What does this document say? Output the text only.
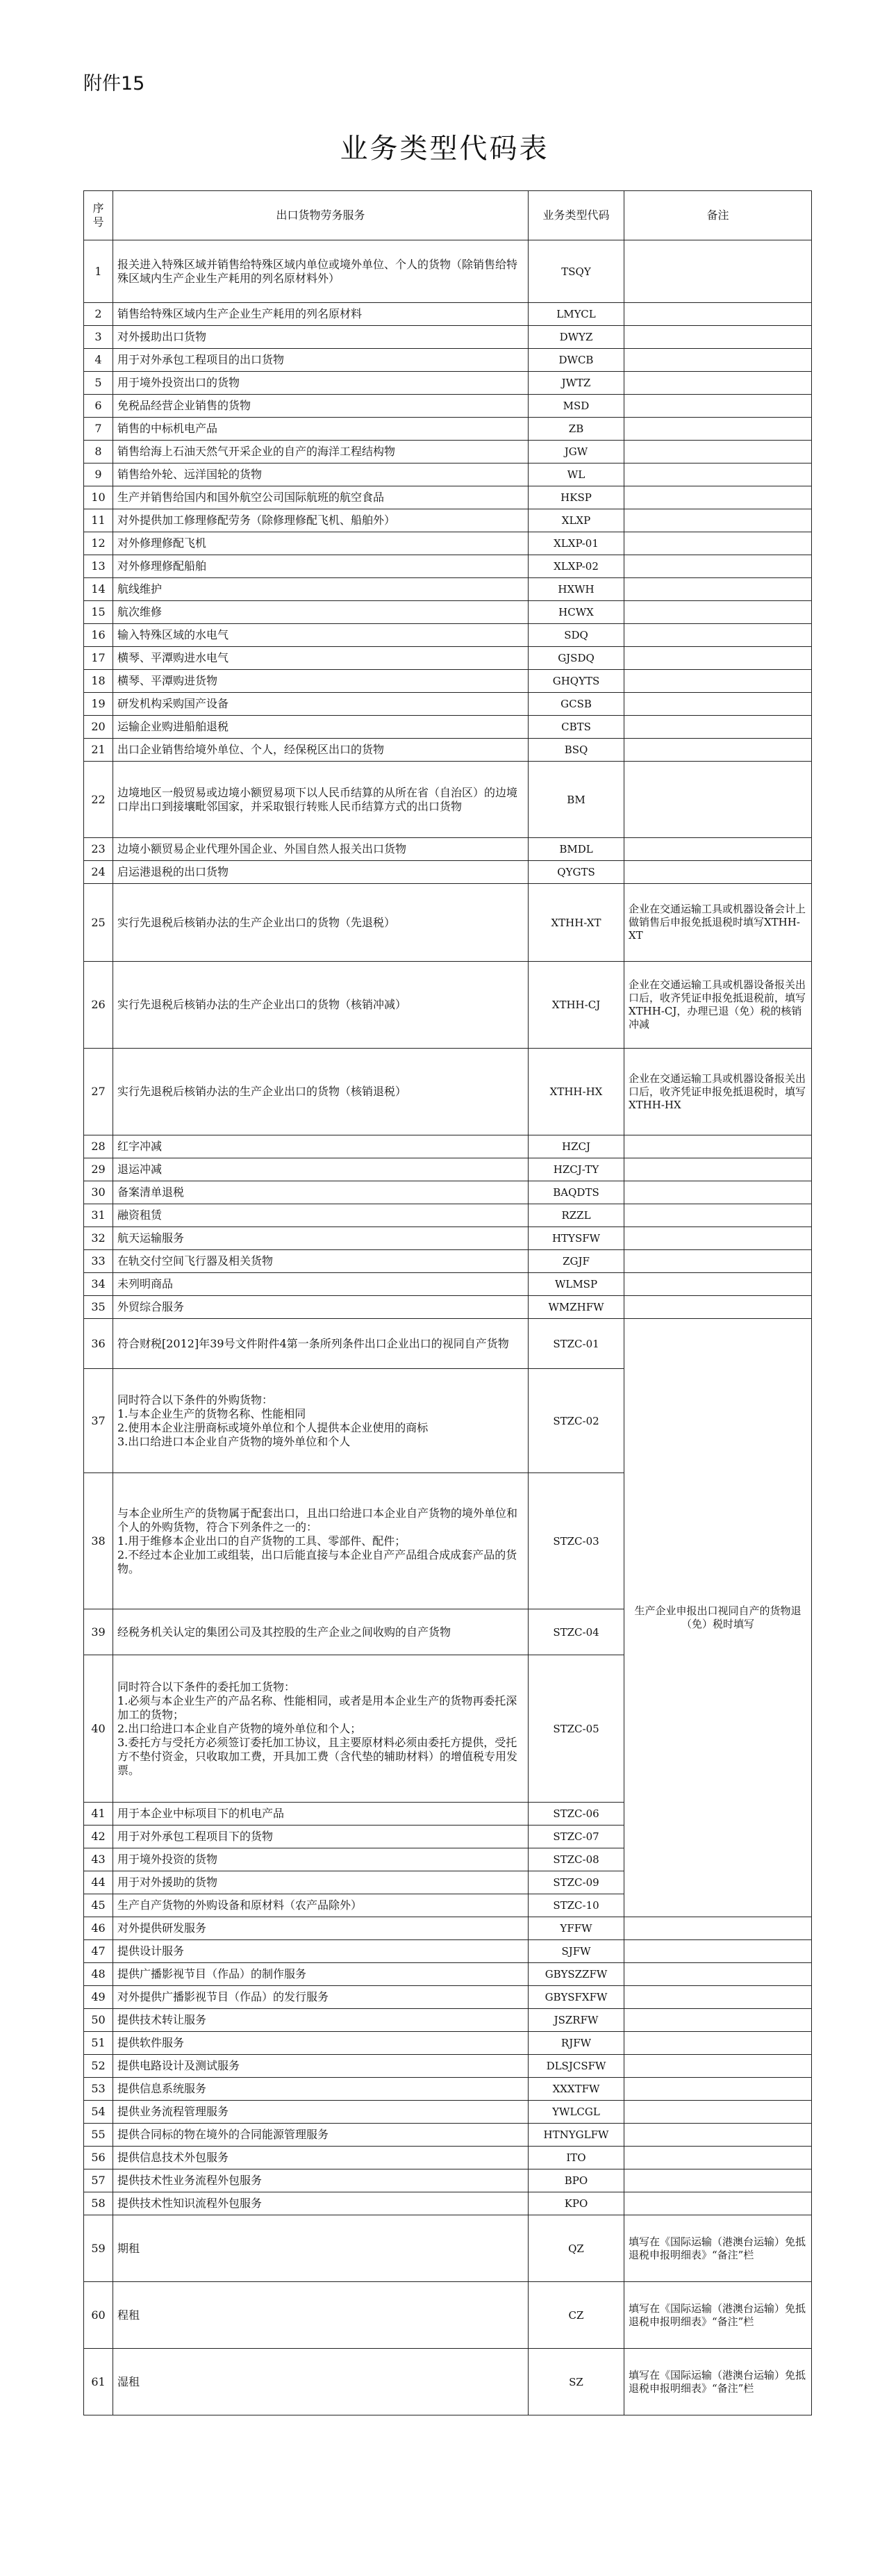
附件15
业务类型代码表
序号	出口货物劳务服务	业务类型代码	备注
1	报关进入特殊区域并销售给特殊区域内单位或境外单位、个人的货物（除销售给特殊区域内生产企业生产耗用的列名原材料外）	TSQY	
2	销售给特殊区域内生产企业生产耗用的列名原材料	LMYCL	
3	对外援助出口货物	DWYZ	
4	用于对外承包工程项目的出口货物	DWCB	
5	用于境外投资出口的货物	JWTZ	
6	免税品经营企业销售的货物	MSD	
7	销售的中标机电产品	ZB	
8	销售给海上石油天然气开采企业的自产的海洋工程结构物	JGW	
9	销售给外轮、远洋国轮的货物	WL	
10	生产并销售给国内和国外航空公司国际航班的航空食品	HKSP	
11	对外提供加工修理修配劳务（除修理修配飞机、船舶外）	XLXP	
12	对外修理修配飞机	XLXP-01	
13	对外修理修配船舶	XLXP-02	
14	航线维护	HXWH	
15	航次维修	HCWX	
16	输入特殊区域的水电气	SDQ	
17	横琴、平潭购进水电气	GJSDQ	
18	横琴、平潭购进货物	GHQYTS	
19	研发机构采购国产设备	GCSB	
20	运输企业购进船舶退税	CBTS	
21	出口企业销售给境外单位、个人，经保税区出口的货物	BSQ	
22	边境地区一般贸易或边境小额贸易项下以人民币结算的从所在省（自治区）的边境口岸出口到接壤毗邻国家，并采取银行转账人民币结算方式的出口货物	BM	
23	边境小额贸易企业代理外国企业、外国自然人报关出口货物	BMDL	
24	启运港退税的出口货物	QYGTS	
25	实行先退税后核销办法的生产企业出口的货物（先退税）	XTHH-XT	企业在交通运输工具或机器设备会计上做销售后申报免抵退税时填写XTHH-XT
26	实行先退税后核销办法的生产企业出口的货物（核销冲减）	XTHH-CJ	企业在交通运输工具或机器设备报关出口后，收齐凭证申报免抵退税前，填写XTHH-CJ，办理已退（免）税的核销冲减
27	实行先退税后核销办法的生产企业出口的货物（核销退税）	XTHH-HX	企业在交通运输工具或机器设备报关出口后，收齐凭证申报免抵退税时，填写XTHH-HX
28	红字冲减	HZCJ	
29	退运冲减	HZCJ-TY	
30	备案清单退税	BAQDTS	
31	融资租赁	RZZL	
32	航天运输服务	HTYSFW	
33	在轨交付空间飞行器及相关货物	ZGJF	
34	未列明商品	WLMSP	
35	外贸综合服务	WMZHFW	
36	符合财税[2012]年39号文件附件4第一条所列条件出口企业出口的视同自产货物	STZC-01	生产企业申报出口视同自产的货物退（免）税时填写
37	同时符合以下条件的外购货物：
1.与本企业生产的货物名称、性能相同
2.使用本企业注册商标或境外单位和个人提供本企业使用的商标
3.出口给进口本企业自产货物的境外单位和个人	STZC-02	
38	与本企业所生产的货物属于配套出口，且出口给进口本企业自产货物的境外单位和个人的外购货物，符合下列条件之一的：
1.用于维修本企业出口的自产货物的工具、零部件、配件；
2.不经过本企业加工或组装，出口后能直接与本企业自产产品组合成成套产品的货物。	STZC-03	
39	经税务机关认定的集团公司及其控股的生产企业之间收购的自产货物	STZC-04	
40	同时符合以下条件的委托加工货物：
1.必须与本企业生产的产品名称、性能相同，或者是用本企业生产的货物再委托深加工的货物；
2.出口给进口本企业自产货物的境外单位和个人；
3.委托方与受托方必须签订委托加工协议，且主要原材料必须由委托方提供，受托方不垫付资金，只收取加工费，开具加工费（含代垫的辅助材料）的增值税专用发票。	STZC-05	
41	用于本企业中标项目下的机电产品	STZC-06	
42	用于对外承包工程项目下的货物	STZC-07	
43	用于境外投资的货物	STZC-08	
44	用于对外援助的货物	STZC-09	
45	生产自产货物的外购设备和原材料（农产品除外）	STZC-10	
46	对外提供研发服务	YFFW	
47	提供设计服务	SJFW	
48	提供广播影视节目（作品）的制作服务	GBYSZZFW	
49	对外提供广播影视节目（作品）的发行服务	GBYSFXFW	
50	提供技术转让服务	JSZRFW	
51	提供软件服务	RJFW	
52	提供电路设计及测试服务	DLSJCSFW	
53	提供信息系统服务	XXXTFW	
54	提供业务流程管理服务	YWLCGL	
55	提供合同标的物在境外的合同能源管理服务	HTNYGLFW	
56	提供信息技术外包服务	ITO	
57	提供技术性业务流程外包服务	BPO	
58	提供技术性知识流程外包服务	KPO	
59	期租	QZ	填写在《国际运输（港澳台运输）免抵退税申报明细表》“备注”栏
60	程租	CZ	填写在《国际运输（港澳台运输）免抵退税申报明细表》“备注”栏
61	湿租	SZ	填写在《国际运输（港澳台运输）免抵退税申报明细表》“备注”栏
